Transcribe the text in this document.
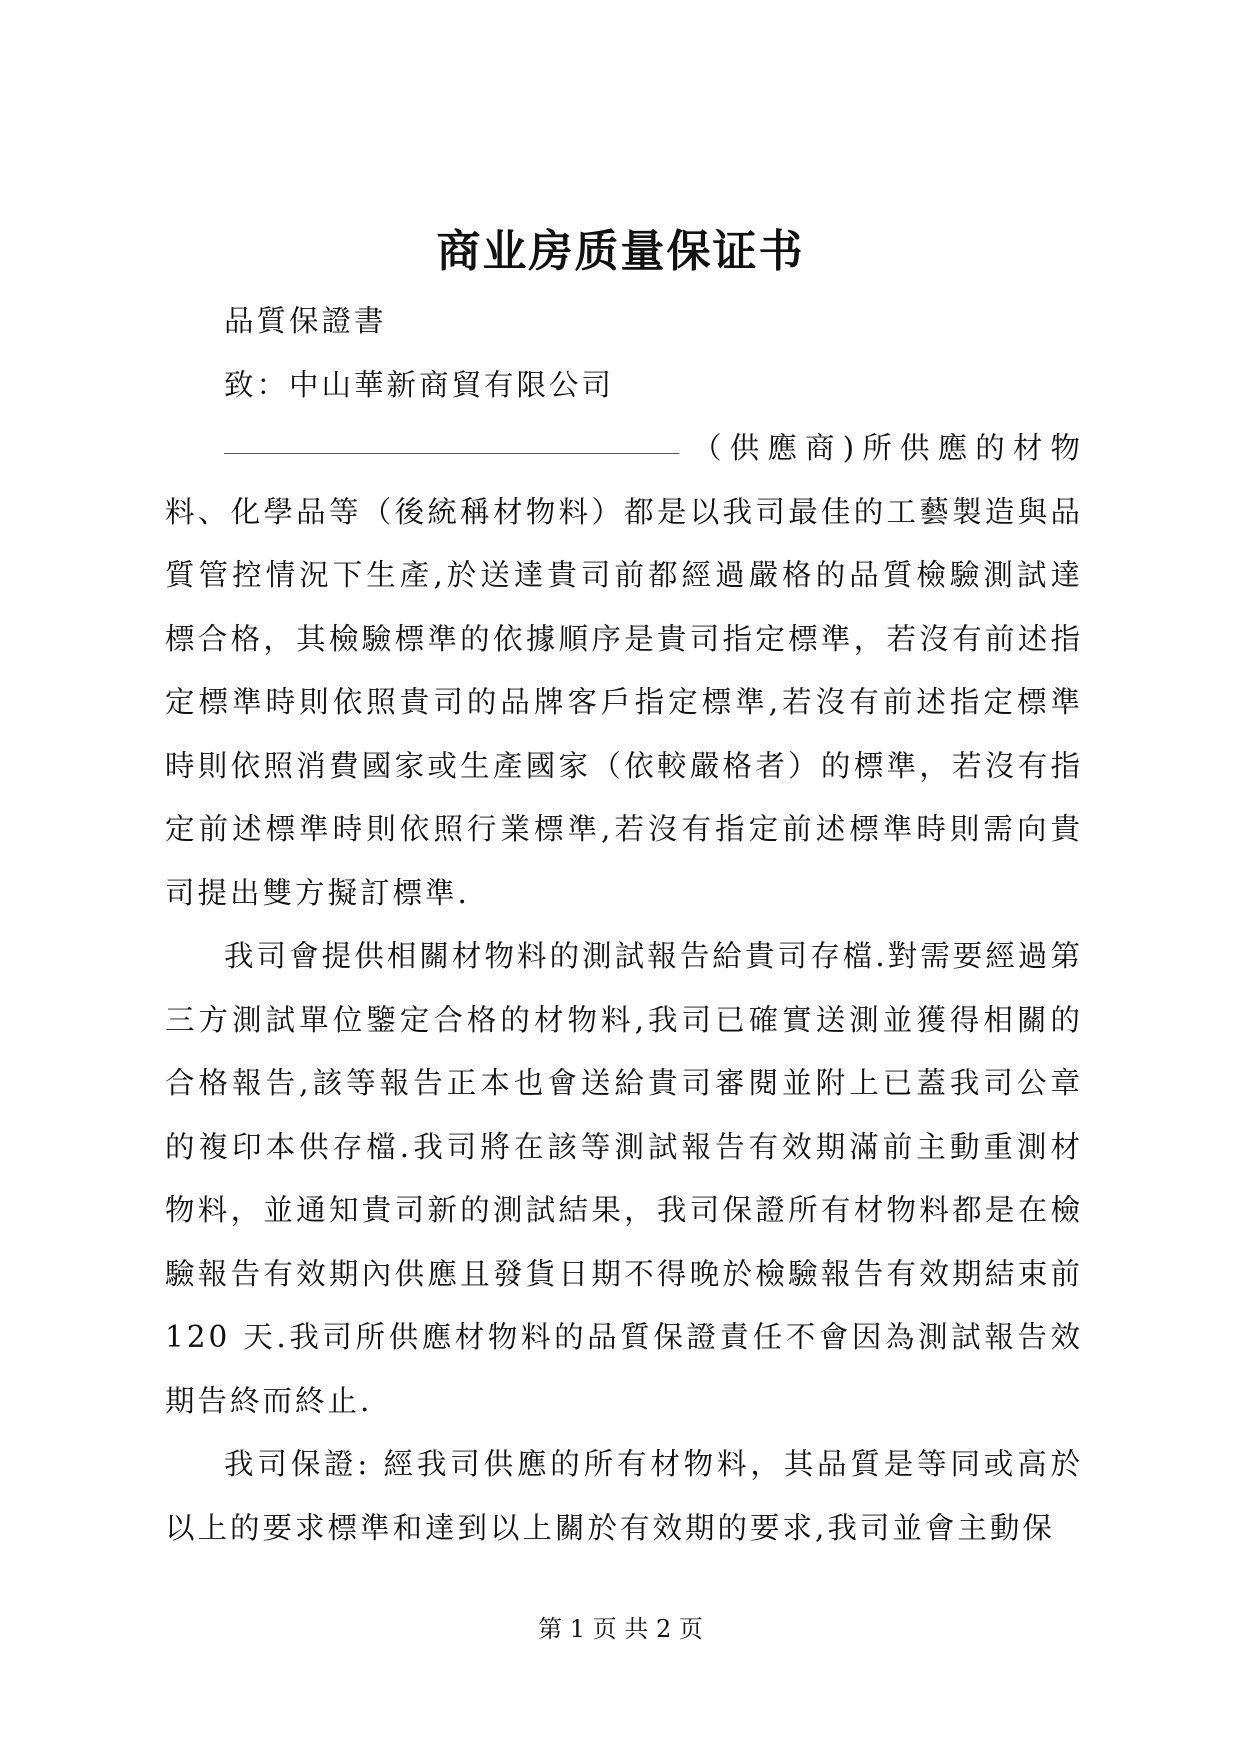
商业房质量保证书

品質保證書

致：中山華新商貿有限公司

（供應商)所供應的材物料、化學品等（後統稱材物料）都是以我司最佳的工藝製造與品質管控情況下生產,於送達貴司前都經過嚴格的品質檢驗測試達標合格，其檢驗標準的依據順序是貴司指定標準，若沒有前述指定標準時則依照貴司的品牌客戶指定標準,若沒有前述指定標準時則依照消費國家或生產國家（依較嚴格者）的標準，若沒有指定前述標準時則依照行業標準,若沒有指定前述標準時則需向貴司提出雙方擬訂標準.

我司會提供相關材物料的測試報告給貴司存檔.對需要經過第三方測試單位鑒定合格的材物料,我司已確實送測並獲得相關的合格報告,該等報告正本也會送給貴司審閱並附上已蓋我司公章的複印本供存檔.我司將在該等測試報告有效期滿前主動重測材物料，並通知貴司新的測試結果，我司保證所有材物料都是在檢驗報告有效期內供應且發貨日期不得晚於檢驗報告有效期結束前 120 天.我司所供應材物料的品質保證責任不會因為測試報告效期告終而終止.

我司保證: 經我司供應的所有材物料，其品質是等同或高於以上的要求標準和達到以上關於有效期的要求,我司並會主動保

第 1 页 共 2 页
